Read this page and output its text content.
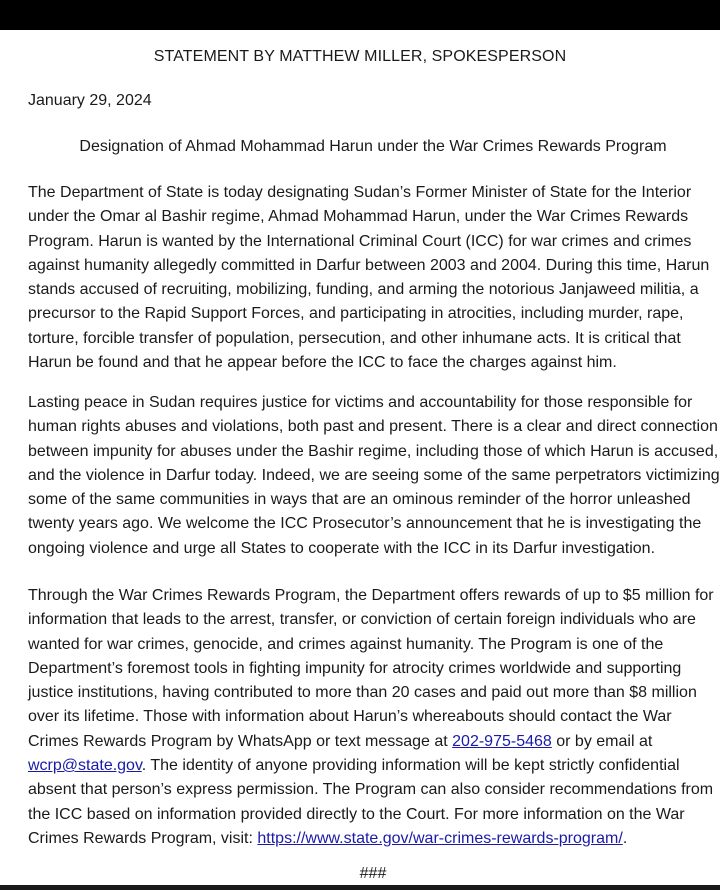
STATEMENT BY MATTHEW MILLER, SPOKESPERSON
January 29, 2024
Designation of Ahmad Mohammad Harun under the War Crimes Rewards Program
The Department of State is today designating Sudan’s Former Minister of State for the Interior
under the Omar al Bashir regime, Ahmad Mohammad Harun, under the War Crimes Rewards
Program. Harun is wanted by the International Criminal Court (ICC) for war crimes and crimes
against humanity allegedly committed in Darfur between 2003 and 2004. During this time, Harun
stands accused of recruiting, mobilizing, funding, and arming the notorious Janjaweed militia, a
precursor to the Rapid Support Forces, and participating in atrocities, including murder, rape,
torture, forcible transfer of population, persecution, and other inhumane acts. It is critical that
Harun be found and that he appear before the ICC to face the charges against him.
Lasting peace in Sudan requires justice for victims and accountability for those responsible for
human rights abuses and violations, both past and present. There is a clear and direct connection
between impunity for abuses under the Bashir regime, including those of which Harun is accused,
and the violence in Darfur today. Indeed, we are seeing some of the same perpetrators victimizing
some of the same communities in ways that are an ominous reminder of the horror unleashed
twenty years ago. We welcome the ICC Prosecutor’s announcement that he is investigating the
ongoing violence and urge all States to cooperate with the ICC in its Darfur investigation.
Through the War Crimes Rewards Program, the Department offers rewards of up to $5 million for
information that leads to the arrest, transfer, or conviction of certain foreign individuals who are
wanted for war crimes, genocide, and crimes against humanity. The Program is one of the
Department’s foremost tools in fighting impunity for atrocity crimes worldwide and supporting
justice institutions, having contributed to more than 20 cases and paid out more than $8 million
over its lifetime. Those with information about Harun’s whereabouts should contact the War
Crimes Rewards Program by WhatsApp or text message at 202-975-5468 or by email at
wcrp@state.gov. The identity of anyone providing information will be kept strictly confidential
absent that person’s express permission. The Program can also consider recommendations from
the ICC based on information provided directly to the Court. For more information on the War
Crimes Rewards Program, visit: https://www.state.gov/war-crimes-rewards-program/.
###
